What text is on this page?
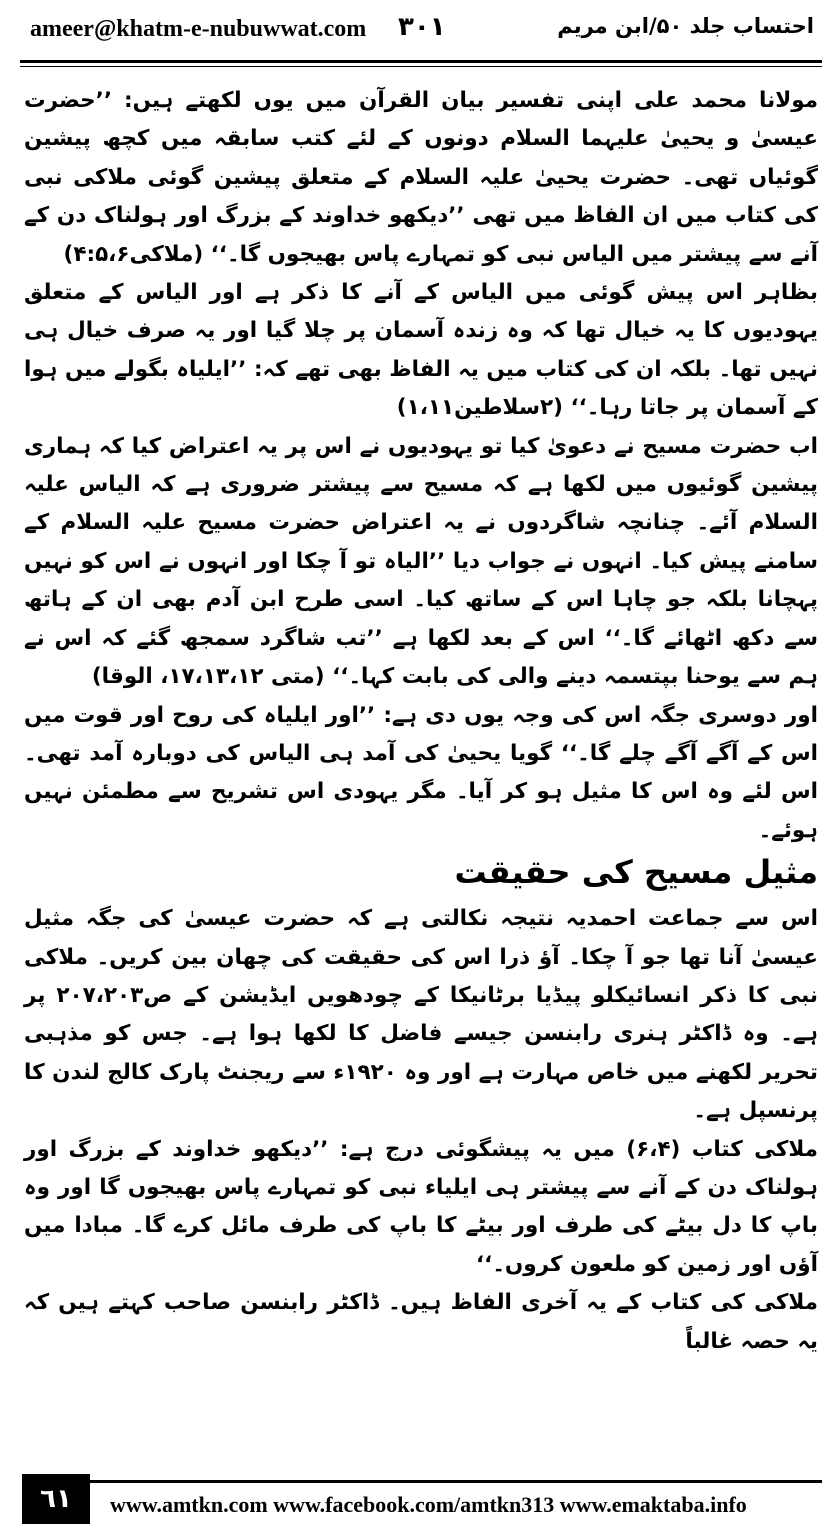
ameer@khatm-e-nubuwwat.com ۳۰۱	احتساب جلد ۵۰/ابن مریم

مولانا محمد علی اپنی تفسیر بیان القرآن میں یوں لکھتے ہیں: ’’حضرت عیسیٰ و یحییٰ علیہما السلام دونوں کے لئے کتب سابقہ میں کچھ پیشین گوئیاں تھی۔ حضرت یحییٰ علیہ السلام کے متعلق پیشین گوئی ملاکی نبی کی کتاب میں ان الفاظ میں تھی ’’دیکھو خداوند کے بزرگ اور ہولناک دن کے آنے سے پیشتر میں الیاس نبی کو تمہارے پاس بھیجوں گا۔‘‘ (ملاکی۴:۵،۶)

بظاہر اس پیش گوئی میں الیاس کے آنے کا ذکر ہے اور الیاس کے متعلق یہودیوں کا یہ خیال تھا کہ وہ زندہ آسمان پر چلا گیا اور یہ صرف خیال ہی نہیں تھا۔ بلکہ ان کی کتاب میں یہ الفاظ بھی تھے کہ: ’’ایلیاہ بگولے میں ہوا کے آسمان پر جاتا رہا۔‘‘ (۲سلاطین۱،۱۱)

اب حضرت مسیح نے دعویٰ کیا تو یہودیوں نے اس پر یہ اعتراض کیا کہ ہماری پیشین گوئیوں میں لکھا ہے کہ مسیح سے پیشتر ضروری ہے کہ الیاس علیہ السلام آئے۔ چنانچہ شاگردوں نے یہ اعتراض حضرت مسیح علیہ السلام کے سامنے پیش کیا۔ انہوں نے جواب دیا ’’الیاہ تو آ چکا اور انہوں نے اس کو نہیں پہچانا بلکہ جو چاہا اس کے ساتھ کیا۔ اسی طرح ابن آدم بھی ان کے ہاتھ سے دکھ اٹھائے گا۔‘‘ اس کے بعد لکھا ہے ’’تب شاگرد سمجھ گئے کہ اس نے ہم سے یوحنا بپتسمہ دینے والی کی بابت کہا۔‘‘ (متی ۱۷،۱۳،۱۲، الوقا)

اور دوسری جگہ اس کی وجہ یوں دی ہے: ’’اور ایلیاہ کی روح اور قوت میں اس کے آگے آگے چلے گا۔‘‘ گویا یحییٰ کی آمد ہی الیاس کی دوبارہ آمد تھی۔ اس لئے وہ اس کا مثیل ہو کر آیا۔ مگر یہودی اس تشریح سے مطمئن نہیں ہوئے۔

مثیل مسیح کی حقیقت

اس سے جماعت احمدیہ نتیجہ نکالتی ہے کہ حضرت عیسیٰ کی جگہ مثیل عیسیٰ آنا تھا جو آ چکا۔ آؤ ذرا اس کی حقیقت کی چھان بین کریں۔ ملاکی نبی کا ذکر انسائیکلو پیڈیا برٹانیکا کے چودھویں ایڈیشن کے ص۲۰۷،۲۰۳ پر ہے۔ وہ ڈاکٹر ہنری رابنسن جیسے فاضل کا لکھا ہوا ہے۔ جس کو مذہبی تحریر لکھنے میں خاص مہارت ہے اور وہ ۱۹۲۰ء سے ریجنٹ پارک کالج لندن کا پرنسپل ہے۔

ملاکی کتاب (۶،۴) میں یہ پیشگوئی درج ہے: ’’دیکھو خداوند کے بزرگ اور ہولناک دن کے آنے سے پیشتر ہی ایلیاء نبی کو تمہارے پاس بھیجوں گا اور وہ باپ کا دل بیٹے کی طرف اور بیٹے کا باپ کی طرف مائل کرے گا۔ مبادا میں آؤں اور زمین کو ملعون کروں۔‘‘

ملاکی کی کتاب کے یہ آخری الفاظ ہیں۔ ڈاکٹر رابنسن صاحب کہتے ہیں کہ یہ حصہ غالباً

٦١	www.amtkn.com www.facebook.com/amtkn313 www.emaktaba.info
